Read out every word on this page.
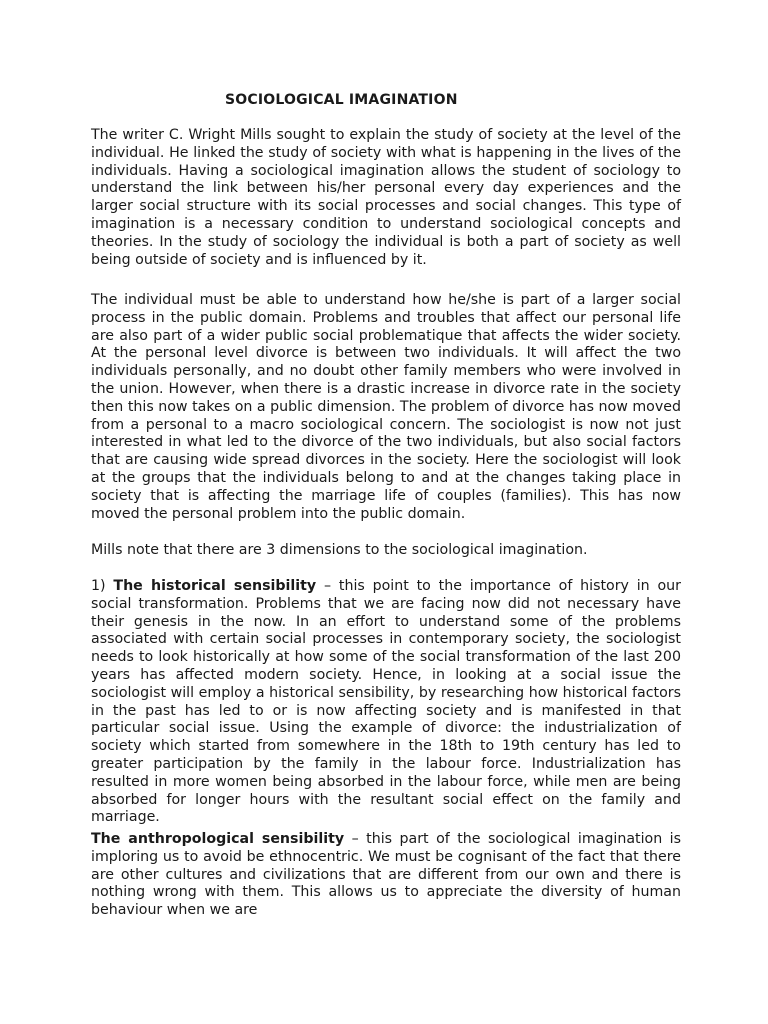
SOCIOLOGICAL IMAGINATION

The writer C. Wright Mills sought to explain the study of society at the level of the individual. He linked the study of society with what is happening in the lives of the individuals. Having a sociological imagination allows the student of sociology to understand the link between his/her personal every day experiences and the larger social structure with its social processes and social changes. This type of imagination is a necessary condition to understand sociological concepts and theories. In the study of sociology the individual is both a part of society as well being outside of society and is influenced by it.

The individual must be able to understand how he/she is part of a larger social process in the public domain. Problems and troubles that affect our personal life are also part of a wider public social problematique that affects the wider society. At the personal level divorce is between two individuals. It will affect the two individuals personally, and no doubt other family members who were involved in the union. However, when there is a drastic increase in divorce rate in the society then this now takes on a public dimension. The problem of divorce has now moved from a personal to a macro sociological concern. The sociologist is now not just interested in what led to the divorce of the two individuals, but also social factors that are causing wide spread divorces in the society. Here the sociologist will look at the groups that the individuals belong to and at the changes taking place in society that is affecting the marriage life of couples (families). This has now moved the personal problem into the public domain.

Mills note that there are 3 dimensions to the sociological imagination.

1) The historical sensibility – this point to the importance of history in our social transformation. Problems that we are facing now did not necessary have their genesis in the now. In an effort to understand some of the problems associated with certain social processes in contemporary society, the sociologist needs to look historically at how some of the social transformation of the last 200 years has affected modern society. Hence, in looking at a social issue the sociologist will employ a historical sensibility, by researching how historical factors in the past has led to or is now affecting society and is manifested in that particular social issue. Using the example of divorce: the industrialization of society which started from somewhere in the 18th to 19th century has led to greater participation by the family in the labour force. Industrialization has resulted in more women being absorbed in the labour force, while men are being absorbed for longer hours with the resultant social effect on the family and marriage.

The anthropological sensibility – this part of the sociological imagination is imploring us to avoid be ethnocentric. We must be cognisant of the fact that there are other cultures and civilizations that are different from our own and there is nothing wrong with them. This allows us to appreciate the diversity of human behaviour when we are
